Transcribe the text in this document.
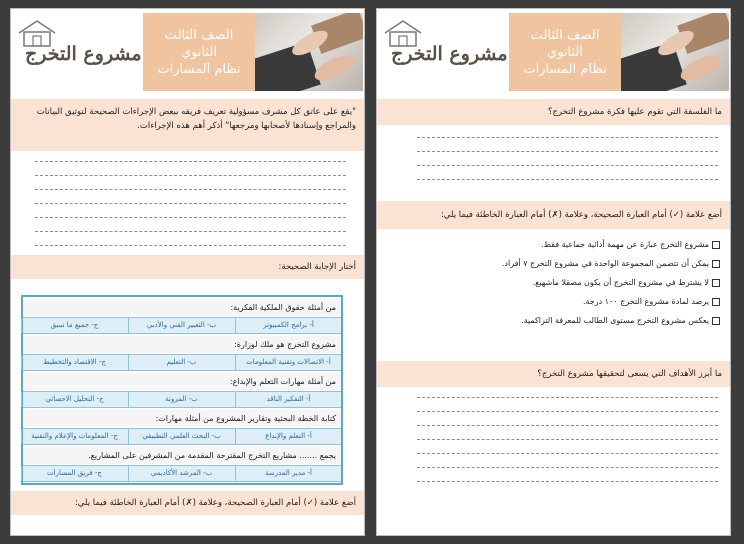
مشروع التخرج
الصف الثالث
الثانوي
نظام المسارات
"يقع على عاتق كل مشرف مسؤولية تعريف فريقه ببعض الإجراءات الصحيحة لتوثيق البيانات والمراجع وإسنادها لأصحابها ومرجعها" أذكر أهم هذه الإجراءات.
أختار الإجابة الصحيحة:
من أمثلة حقوق الملكية الفكرية:
أ- برامج الكمبيوتر
ب- التعبير الفني والأدبي
ج- جميع ما سبق
مشروع التخرج هو ملك لوزارة:
أ- الاتصالات وتقنية المعلومات
ب- التعليم
ج- الاقتصاد والتخطيط
من أمثلة مهارات التعلم والإبداع:
أ- التفكير الناقد
ب- المرونة
ج- التحليل الاحصائي
كتابة الخطة البحثية وتقارير المشروع من أمثلة مهارات:
أ- التعلم والإبداع
ب- البحث العلمي التطبيقي
ج- المعلومات والإعلام والتقنية
يجمع ....... مشاريع التخرج المقترحة المقدمة من المشرفين على المشاريع.
أ- مدير المدرسة
ب- المرشد الأكاديمي
ج- فريق المسارات
أضع علامة (✓) أمام العبارة الصحيحة، وعلامة (✗) أمام العبارة الخاطئة فيما يلي:
مشروع التخرج
الصف الثالث
الثانوي
نظام المسارات
ما الفلسفة التي تقوم عليها فكرة مشروع التخرج؟
أضع علامة (✓) أمام العبارة الصحيحة، وعلامة (✗) أمام العبارة الخاطئة فيما يلي:
مشروع التخرج عبارة عن مهمة أدائية جماعية فقط.
يمكن أن تتضمن المجموعة الواحدة في مشروع التخرج ٧ أفراد.
لا يشترط في مشروع التخرج أن يكون مصقلا ماشهيع.
يرصد لمادة مشروع التخرج ١٠٠ درجة.
يعكس مشروع التخرج مستوى الطالب للمعرفة التراكمية.
ما أبرز الأهداف التي يسعى لتحقيقها مشروع التخرج؟
